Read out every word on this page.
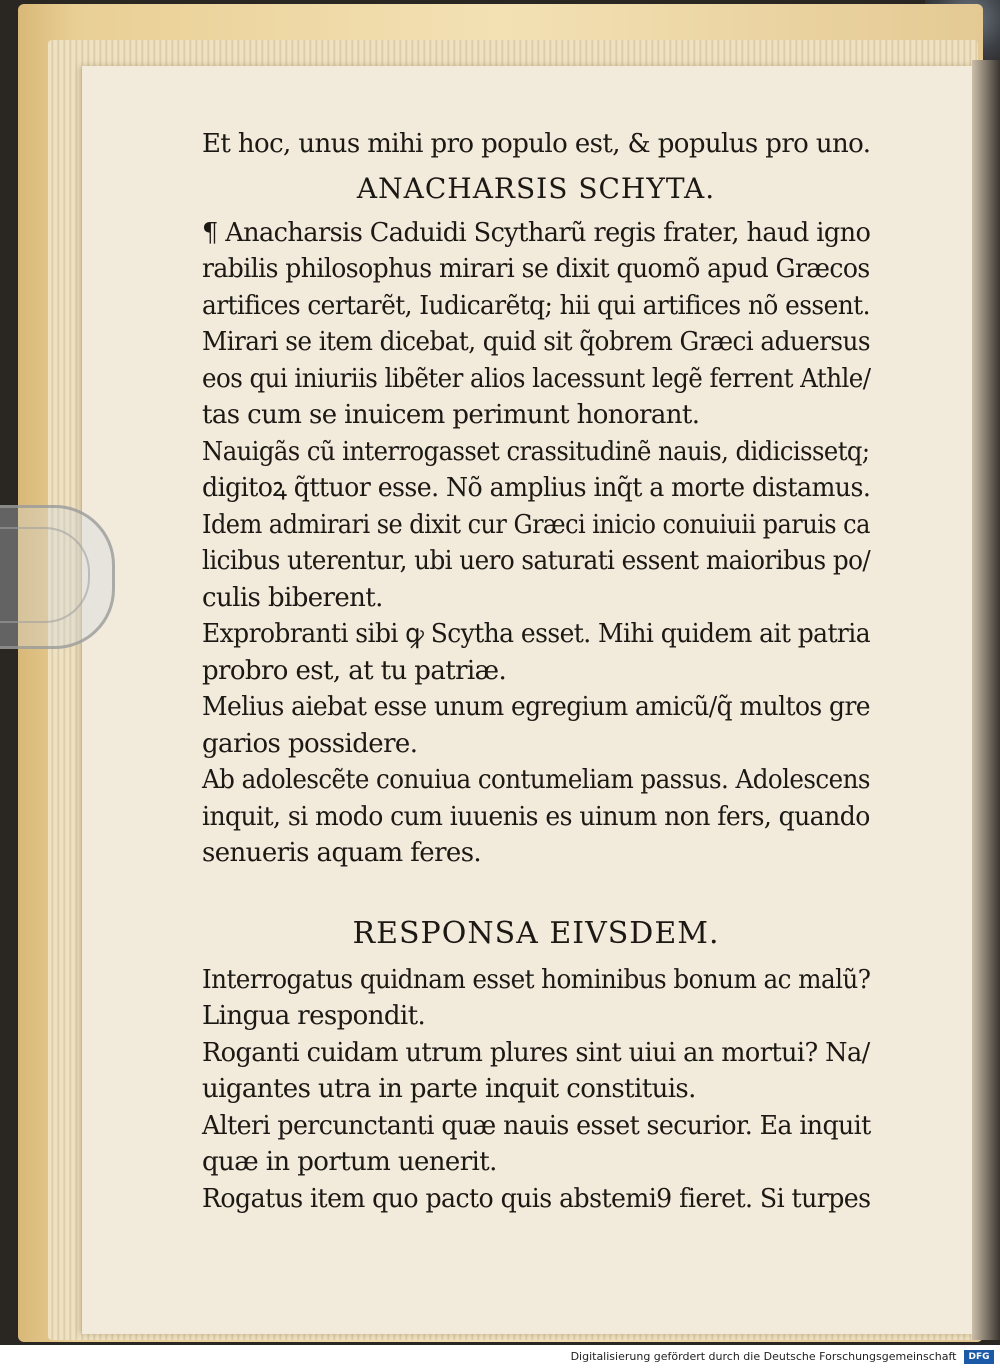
Et hoc, unus mihi pro populo est, & populus pro uno.
ANACHARSIS SCHYTA.
¶ Anacharsis Caduidi Scytharũ regis frater, haud igno
rabilis philosophus mirari se dixit quomõ apud Græcos
artifices certarẽt, Iudicarẽtq; hii qui artifices nõ essent.
Mirari se item dicebat, quid sit q̃obrem Græci aduersus
eos qui iniuriis libẽter alios lacessunt legẽ ferrent Athle/
tas cum se inuicem perimunt honorant.
Nauigãs cũ interrogasset crassitudinẽ nauis, didicissetq;
digitoꝝ q̃ttuor esse. Nõ amplius inq̃t a morte distamus.
Idem admirari se dixit cur Græci inicio conuiuii paruis ca
licibus uterentur, ubi uero saturati essent maioribus po/
culis biberent.
Exprobranti sibi ꝙ Scytha esset. Mihi quidem ait patria
probro est, at tu patriæ.
Melius aiebat esse unum egregium amicũ/q̃ multos gre
garios possidere.
Ab adolescẽte conuiua contumeliam passus. Adolescens
inquit, si modo cum iuuenis es uinum non fers, quando
senueris aquam feres.
RESPONSA EIVSDEM.
Interrogatus quidnam esset hominibus bonum ac malũ?
Lingua respondit.
Roganti cuidam utrum plures sint uiui an mortui? Na/
uigantes utra in parte inquit constituis.
Alteri percunctanti quæ nauis esset securior. Ea inquit
quæ in portum uenerit.
Rogatus item quo pacto quis abstemi9 fieret. Si turpes
Digitalisierung gefördert durch die Deutsche Forschungsgemeinschaft DFG
